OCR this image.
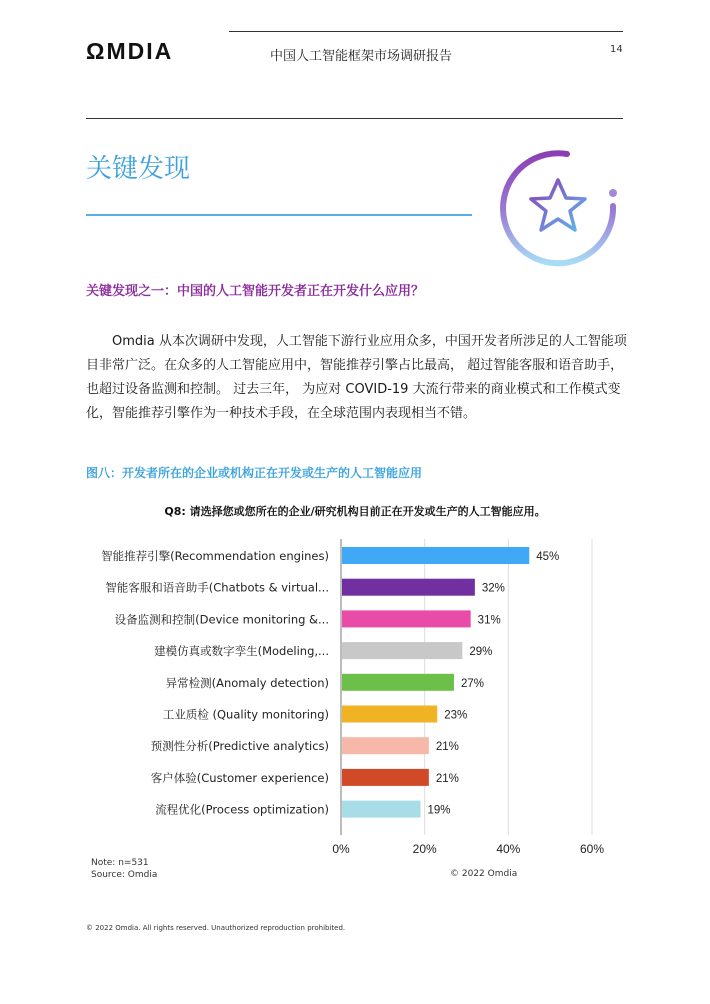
ΩMDIA	中国人工智能框架市场调研报告	14
关键发现
关键发现之一：中国的人工智能开发者正在开发什么应用？

Omdia 从本次调研中发现，人工智能下游行业应用众多，中国开发者所涉足的人工智能项目非常广泛。在众多的人工智能应用中，智能推荐引擎占比最高， 超过智能客服和语音助手，也超过设备监测和控制。 过去三年， 为应对 COVID-19 大流行带来的商业模式和工作模式变化，智能推荐引擎作为一种技术手段，在全球范围内表现相当不错。

图八：开发者所在的企业或机构正在开发或生产的人工智能应用
Q8: 请选择您或您所在的企业/研究机构目前正在开发或生产的人工智能应用。
智能推荐引擎(Recommendation engines)	45%
智能客服和语音助手(Chatbots & virtual...	32%
设备监测和控制(Device monitoring &...	31%
建模仿真或数字孪生(Modeling,...	29%
异常检测(Anomaly detection)	27%
工业质检 (Quality monitoring)	23%
预测性分析(Predictive analytics)	21%
客户体验(Customer experience)	21%
流程优化(Process optimization)	19%
0%	20%	40%	60%
Note: n=531
Source: Omdia	© 2022 Omdia
© 2022 Omdia. All rights reserved. Unauthorized reproduction prohibited.
